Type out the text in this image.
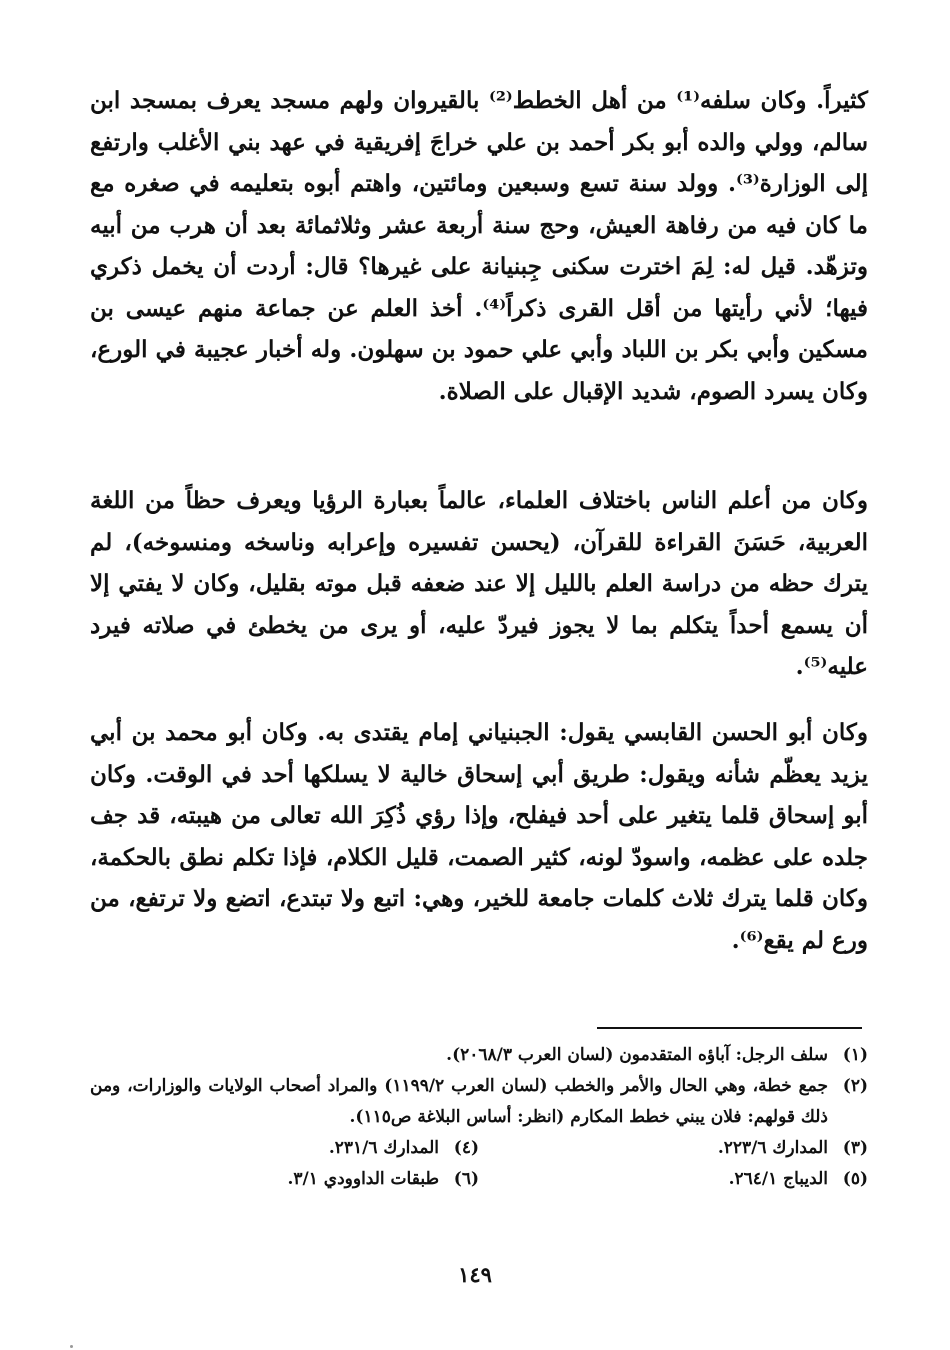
كثيراً. وكان سلفه⁽¹⁾ من أهل الخطط⁽²⁾ بالقيروان ولهم مسجد يعرف بمسجد ابن سالم، وولي والده أبو بكر أحمد بن علي خراجَ إفريقية في عهد بني الأغلب وارتفع إلى الوزارة⁽³⁾. وولد سنة تسع وسبعين ومائتين، واهتم أبوه بتعليمه في صغره مع ما كان فيه من رفاهة العيش، وحج سنة أربعة عشر وثلاثمائة بعد أن هرب من أبيه وتزهّد. قيل له: لِمَ اخترت سكنى جِبنيانة على غيرها؟ قال: أردت أن يخمل ذكري فيها؛ لأني رأيتها من أقل القرى ذكراً⁽⁴⁾. أخذ العلم عن جماعة منهم عيسى بن مسكين وأبي بكر بن اللباد وأبي علي حمود بن سهلون. وله أخبار عجيبة في الورع، وكان يسرد الصوم، شديد الإقبال على الصلاة.

وكان من أعلم الناس باختلاف العلماء، عالماً بعبارة الرؤيا ويعرف حظاً من اللغة العربية، حَسَنَ القراءة للقرآن، (يحسن تفسيره وإعرابه وناسخه ومنسوخه)، لم يترك حظه من دراسة العلم بالليل إلا عند ضعفه قبل موته بقليل، وكان لا يفتي إلا أن يسمع أحداً يتكلم بما لا يجوز فيردّ عليه، أو يرى من يخطئ في صلاته فيرد عليه⁽⁵⁾.

وكان أبو الحسن القابسي يقول: الجبنياني إمام يقتدى به. وكان أبو محمد بن أبي يزيد يعظّم شأنه ويقول: طريق أبي إسحاق خالية لا يسلكها أحد في الوقت. وكان أبو إسحاق قلما يتغير على أحد فيفلح، وإذا رؤي ذُكِرَ الله تعالى من هيبته، قد جف جلده على عظمه، واسودّ لونه، كثير الصمت، قليل الكلام، فإذا تكلم نطق بالحكمة، وكان قلما يترك ثلاث كلمات جامعة للخير، وهي: اتبع ولا تبتدع، اتضع ولا ترتفع، من ورع لم يقع⁽⁶⁾.

(١)
سلف الرجل: آباؤه المتقدمون (لسان العرب ٢٠٦٨/٣).
(٢)
جمع خطة، وهي الحال والأمر والخطب (لسان العرب ١١٩٩/٢) والمراد أصحاب الولايات والوزارات، ومن ذلك قولهم: فلان يبني خطط المكارم (انظر: أساس البلاغة ص١١٥).
(٣)
المدارك ٢٢٣/٦.
(٤)
المدارك ٢٣١/٦.
(٥)
الديباج ٢٦٤/١.
(٦)
طبقات الداوودي ٣/١.
١٤٩
